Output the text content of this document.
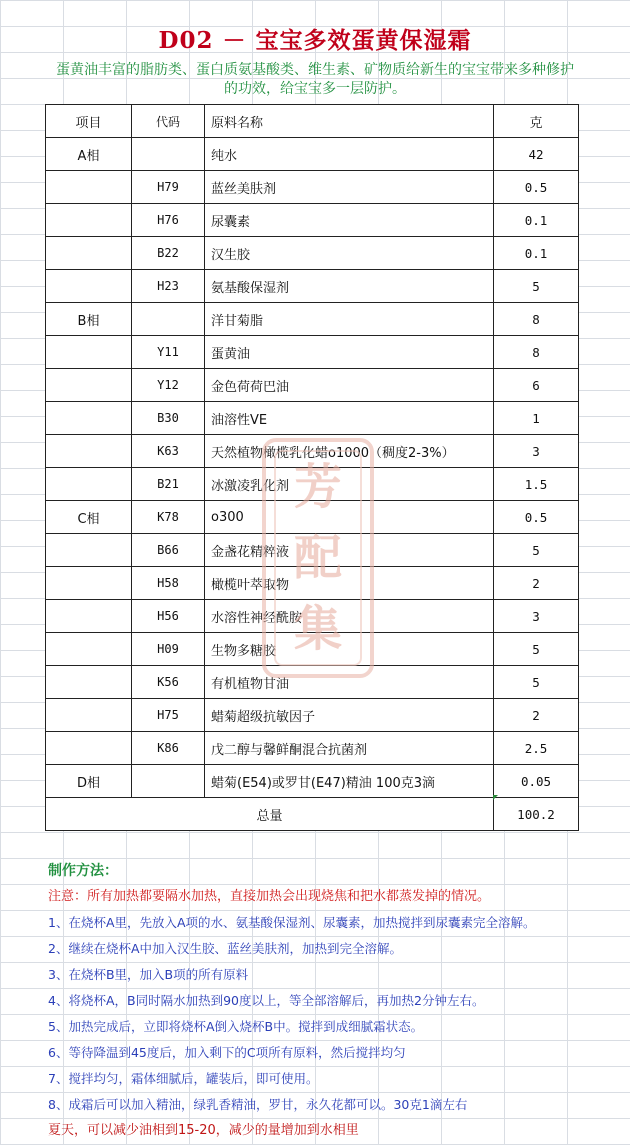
D02 － 宝宝多效蛋黄保湿霜
蛋黄油丰富的脂肪类、蛋白质氨基酸类、维生素、矿物质给新生的宝宝带来多种修护的功效，给宝宝多一层防护。
项目	代码	原料名称	克
A相		纯水	42
	H79	蓝丝美肤剂	0.5
	H76	尿囊素	0.1
	B22	汉生胶	0.1
	H23	氨基酸保湿剂	5
B相		洋甘菊脂	8
	Y11	蛋黄油	8
	Y12	金色荷荷巴油	6
	B30	油溶性VE	1
	K63	天然植物橄榄乳化蜡o1000（稠度2-3%）	3
	B21	冰激凌乳化剂	1.5
C相	K78	o300	0.5
	B66	金盏花精粹液	5
	H58	橄榄叶萃取物	2
	H56	水溶性神经酰胺	3
	H09	生物多糖胶	5
	K56	有机植物甘油	5
	H75	蜡菊超级抗敏因子	2
	K86	戊二醇与馨鲜酮混合抗菌剂	2.5
D相		蜡菊(E54)或罗甘(E47)精油 100克3滴	0.05
总量			100.2
芳
配
集
制作方法：
注意：所有加热都要隔水加热，直接加热会出现烧焦和把水都蒸发掉的情况。
1、在烧杯A里，先放入A项的水、氨基酸保湿剂、尿囊素，加热搅拌到尿囊素完全溶解。
2、继续在烧杯A中加入汉生胶、蓝丝美肤剂，加热到完全溶解。
3、在烧杯B里，加入B项的所有原料
4、将烧杯A，B同时隔水加热到90度以上，等全部溶解后，再加热2分钟左右。
5、加热完成后，立即将烧杯A倒入烧杯B中。搅拌到成细腻霜状态。
6、等待降温到45度后，加入剩下的C项所有原料，然后搅拌均匀
7、搅拌均匀，霜体细腻后，罐装后，即可使用。
8、成霜后可以加入精油，绿乳香精油，罗甘，永久花都可以。30克1滴左右
夏天，可以减少油相到15-20，减少的量增加到水相里
